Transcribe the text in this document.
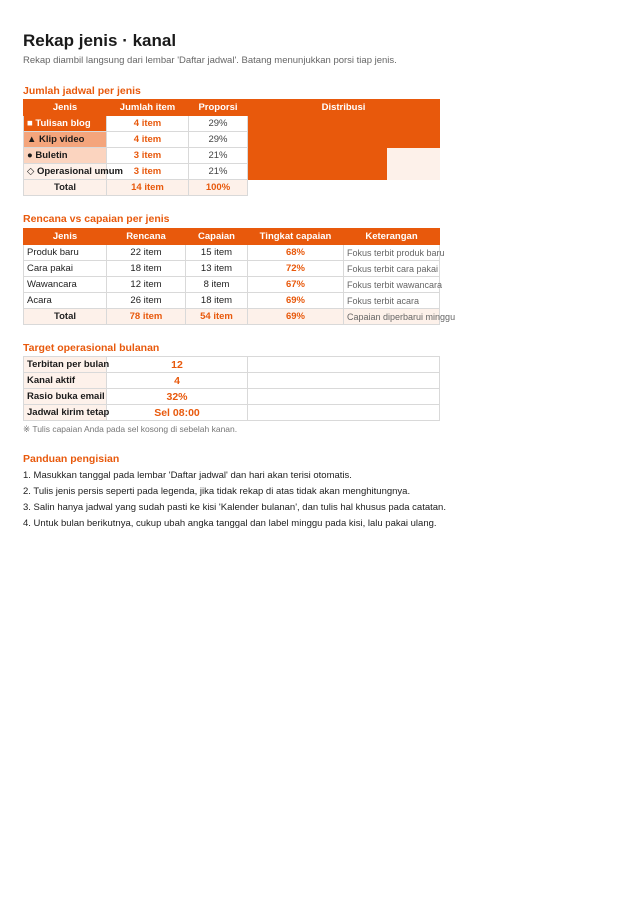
Rekap jenis · kanal
Rekap diambil langsung dari lembar 'Daftar jadwal'. Batang menunjukkan porsi tiap jenis.
Jumlah jadwal per jenis
Jenis	Jumlah item	Proporsi	Distribusi
■ Tulisan blog	4 item	29%	

▲ Klip video	4 item	29%	

● Buletin	3 item	21%	

◇ Operasional umum	3 item	21%	

Total	14 item	100%	
Rencana vs capaian per jenis
Jenis	Rencana	Capaian	Tingkat capaian	Keterangan
Produk baru	22 item	15 item	68%	Fokus terbit produk baru
Cara pakai	18 item	13 item	72%	Fokus terbit cara pakai
Wawancara	12 item	8 item	67%	Fokus terbit wawancara
Acara	26 item	18 item	69%	Fokus terbit acara
Total	78 item	54 item	69%	Capaian diperbarui minggu
Target operasional bulanan
Terbitan per bulan	12	
Kanal aktif	4	
Rasio buka email	32%	
Jadwal kirim tetap	Sel 08:00	
※ Tulis capaian Anda pada sel kosong di sebelah kanan.
Panduan pengisian
1. Masukkan tanggal pada lembar 'Daftar jadwal' dan hari akan terisi otomatis.
2. Tulis jenis persis seperti pada legenda, jika tidak rekap di atas tidak akan menghitungnya.
3. Salin hanya jadwal yang sudah pasti ke kisi 'Kalender bulanan', dan tulis hal khusus pada catatan.
4. Untuk bulan berikutnya, cukup ubah angka tanggal dan label minggu pada kisi, lalu pakai ulang.
